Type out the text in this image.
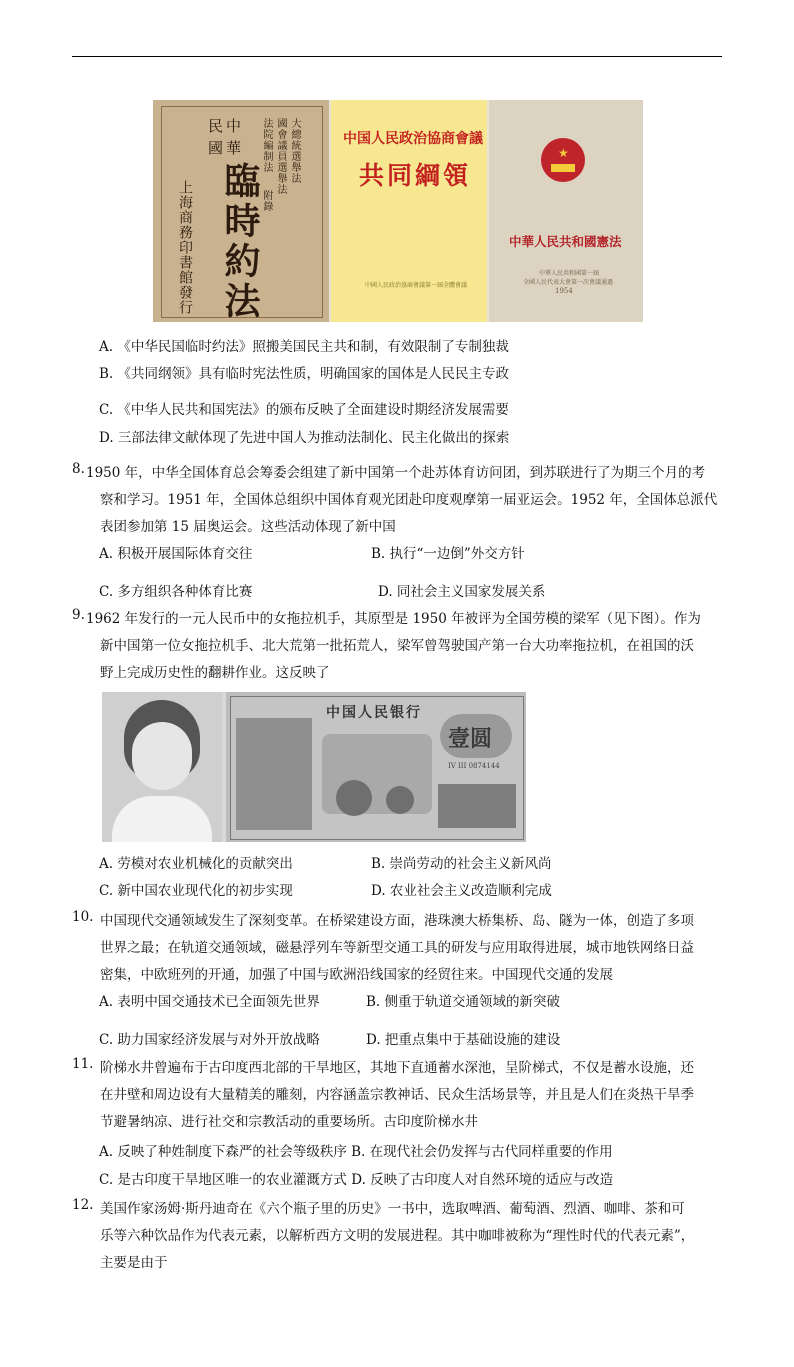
中 華
民 國
臨時約法
大總統選舉法
國會議員選舉法
法院編制法
附錄
上海商務印書館發行
中国人民政治協商會議
共同綱領
中國人民政治協商會議第一屆全體會議
★
中華人民共和國憲法
中華人民共和國第一屆
全國人民代表大會第一次會議通過
1954
A. 《中华民国临时约法》照搬美国民主共和制，有效限制了专制独裁
B. 《共同纲领》具有临时宪法性质，明确国家的国体是人民民主专政
C. 《中华人民共和国宪法》的颁布反映了全面建设时期经济发展需要
D. 三部法律文献体现了先进中国人为推动法制化、民主化做出的探索
8. 1950 年，中华全国体育总会筹委会组建了新中国第一个赴苏体育访问团，到苏联进行了为期三个月的考
察和学习。1951 年，全国体总组织中国体育观光团赴印度观摩第一届亚运会。1952 年，全国体总派代
表团参加第 15 届奥运会。这些活动体现了新中国
A. 积极开展国际体育交往	B. 执行“一边倒”外交方针
C. 多方组织各种体育比赛	D. 同社会主义国家发展关系
9. 1962 年发行的一元人民币中的女拖拉机手，其原型是 1950 年被评为全国劳模的梁军（见下图）。作为
新中国第一位女拖拉机手、北大荒第一批拓荒人，梁军曾驾驶国产第一台大功率拖拉机，在祖国的沃
野上完成历史性的翻耕作业。这反映了
中国人民银行
壹圆
IV III 0874144
A. 劳模对农业机械化的贡献突出	B. 崇尚劳动的社会主义新风尚
C. 新中国农业现代化的初步实现	D. 农业社会主义改造顺利完成
10. 中国现代交通领域发生了深刻变革。在桥梁建设方面，港珠澳大桥集桥、岛、隧为一体，创造了多项
世界之最；在轨道交通领域，磁悬浮列车等新型交通工具的研发与应用取得进展，城市地铁网络日益
密集，中欧班列的开通，加强了中国与欧洲沿线国家的经贸往来。中国现代交通的发展
A. 表明中国交通技术已全面领先世界	B. 侧重于轨道交通领域的新突破
C. 助力国家经济发展与对外开放战略	D. 把重点集中于基础设施的建设
11. 阶梯水井曾遍布于古印度西北部的干旱地区，其地下直通蓄水深池，呈阶梯式，不仅是蓄水设施，还
在井壁和周边设有大量精美的雕刻，内容涵盖宗教神话、民众生活场景等，并且是人们在炎热干旱季
节避暑纳凉、进行社交和宗教活动的重要场所。古印度阶梯水井
A. 反映了种姓制度下森严的社会等级秩序 B. 在现代社会仍发挥与古代同样重要的作用
C. 是古印度干旱地区唯一的农业灌溉方式 D. 反映了古印度人对自然环境的适应与改造
12. 美国作家汤姆·斯丹迪奇在《六个瓶子里的历史》一书中，选取啤酒、葡萄酒、烈酒、咖啡、茶和可
乐等六种饮品作为代表元素，以解析西方文明的发展进程。其中咖啡被称为“理性时代的代表元素”，
主要是由于
